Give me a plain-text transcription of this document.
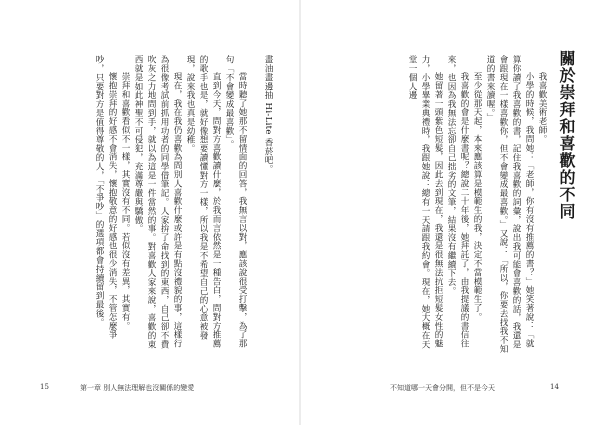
關於崇拜和喜歡的不同

我喜歡美術老師。

小學的時候，我問她：「老師，你有沒有推薦的書？」她笑著說：「就算你讀了我喜歡的書，記住我喜歡的詞彙，說出我可能會喜歡的話，我還是會跟現在一樣喜歡你，但不會變成最喜歡。」又說：「所以，你要去找我不知道的書來讀喔。」

至少從那天起，本來應該算是模範生的我，決定不當模範生了。

我喜歡的會是什麼書呢？總說二十年後，她拜託了，由我提議的書信往來，也因為我無法忘卻自己拙劣的文筆，結果沒有繼續下去。

她留著一頭紫色短髮，因此去到現在，我還是很無法抗拒短髮女性的魅力，小學畢業典禮時，我跟她說：總有一天請跟我約會。現在，她大概在天堂一個人邊

不知道哪一天會分開，但不是今天	14

畫油畫邊抽 Hi-Lite 香菸吧。

當時聽了她那不留情面的回答，我無言以對，應該說很受打擊，為了那句「不會變成最喜歡」。

直到今天，問對方喜歡讀什麼，於我而言依然是一種告白，問對方推薦的歌手也是，就好像想要讀懂對方一樣，所以我是不希望自己的心意被發現，說來我也真是幼稚。

現在，我在我仍喜歡為問別人喜歡什麼或許是有點沒禮貌的事，這樣行為很像考試前抓用功者的同學借筆記。人家拚了命找到的東西，自己卻不費吹灰之力地問到手，就以為這是一件當然的事。對喜歡人家來說，喜歡的東西就是如此神聖不可侵犯，充滿尊嚴與驕傲。

崇拜和喜歡看似不一樣，其實沒有不同。若似沒有差異，其實有。

懷抱崇拜的好感不會消失，懷抱敬意的好感也很少消失，不管怎麼爭吵，只要對方是值得尊敬的人，「不爭吵」的選項都會持續留到最後。

15	第一章 別人無法理解也沒關係的變愛
